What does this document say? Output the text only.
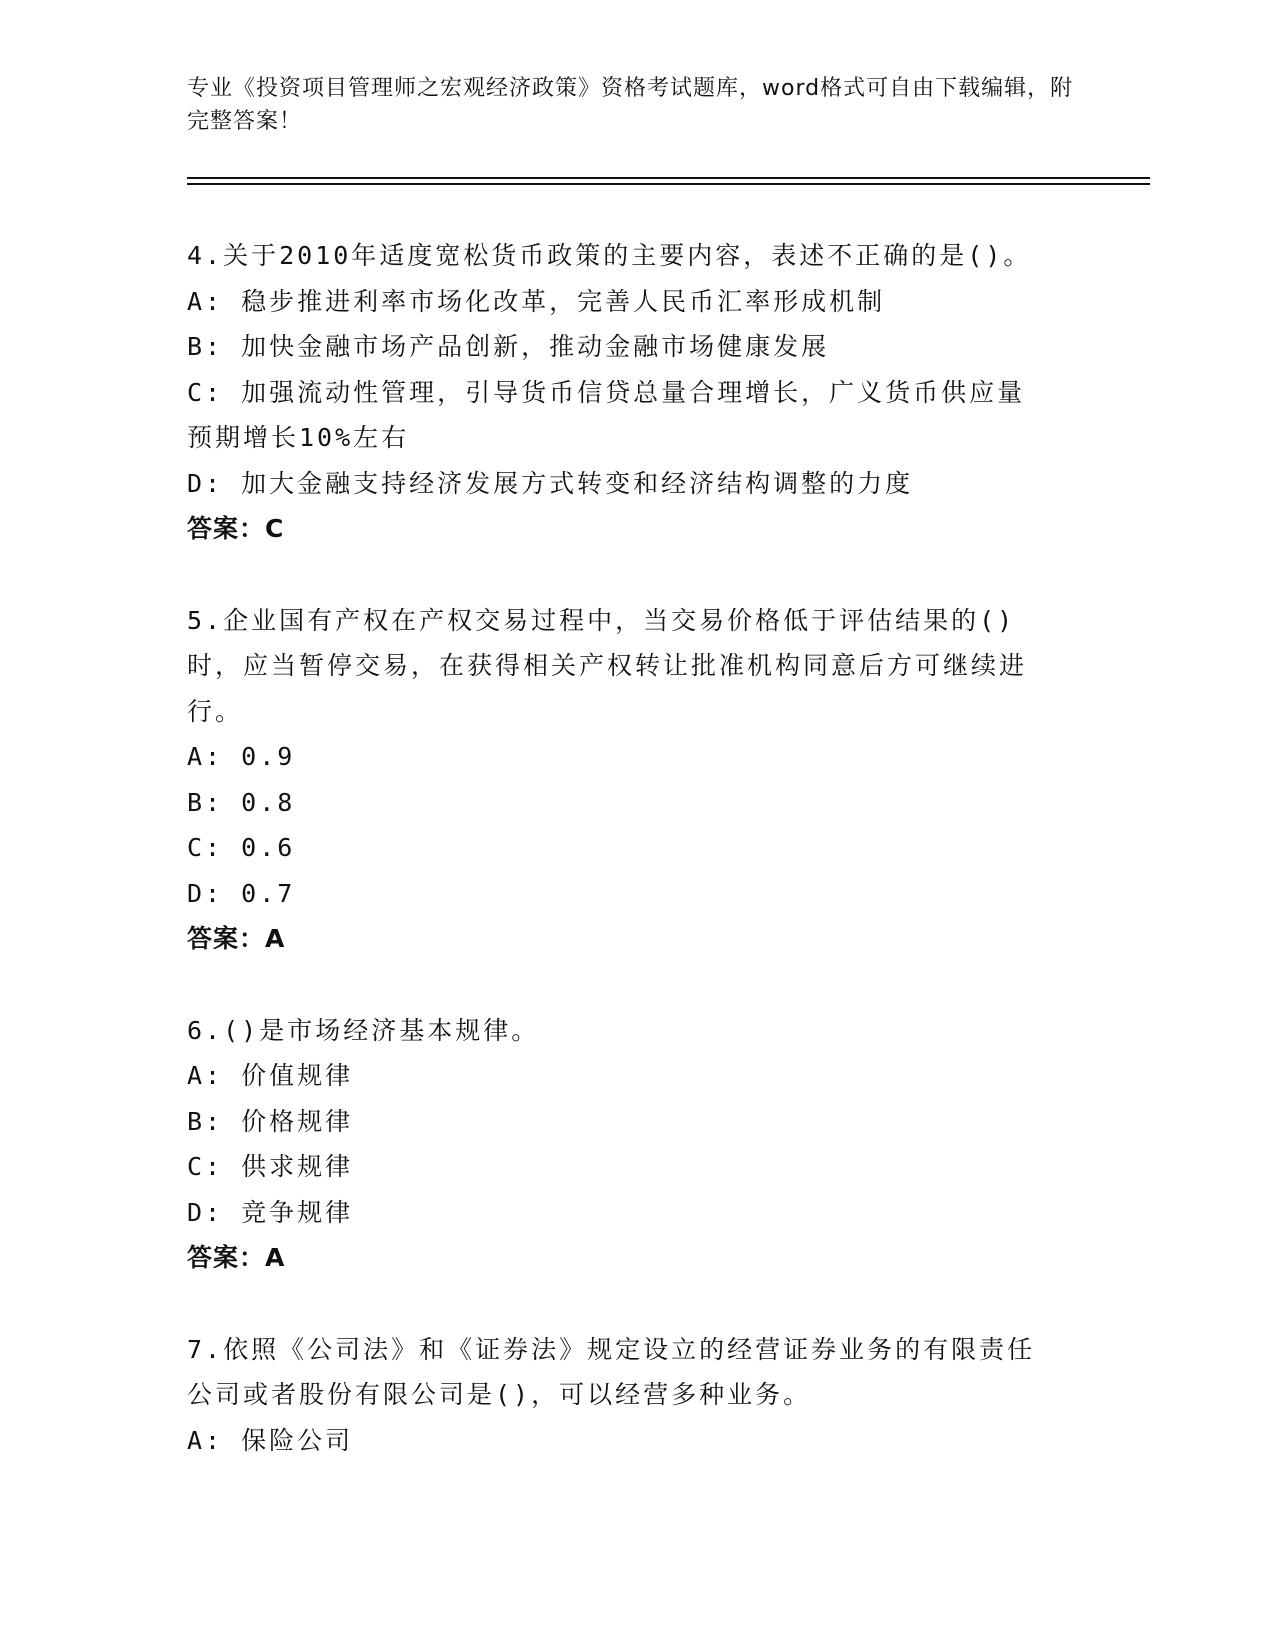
专业《投资项目管理师之宏观经济政策》资格考试题库，word格式可自由下载编辑，附完整答案！

4.关于2010年适度宽松货币政策的主要内容，表述不正确的是()。

A: 稳步推进利率市场化改革，完善人民币汇率形成机制

B: 加快金融市场产品创新，推动金融市场健康发展

C: 加强流动性管理，引导货币信贷总量合理增长，广义货币供应量预期增长10%左右

D: 加大金融支持经济发展方式转变和经济结构调整的力度

答案：C

5.企业国有产权在产权交易过程中，当交易价格低于评估结果的()时，应当暂停交易，在获得相关产权转让批准机构同意后方可继续进行。

A: 0.9

B: 0.8

C: 0.6

D: 0.7

答案：A

6.()是市场经济基本规律。

A: 价值规律

B: 价格规律

C: 供求规律

D: 竞争规律

答案：A

7.依照《公司法》和《证券法》规定设立的经营证券业务的有限责任公司或者股份有限公司是()，可以经营多种业务。

A: 保险公司
